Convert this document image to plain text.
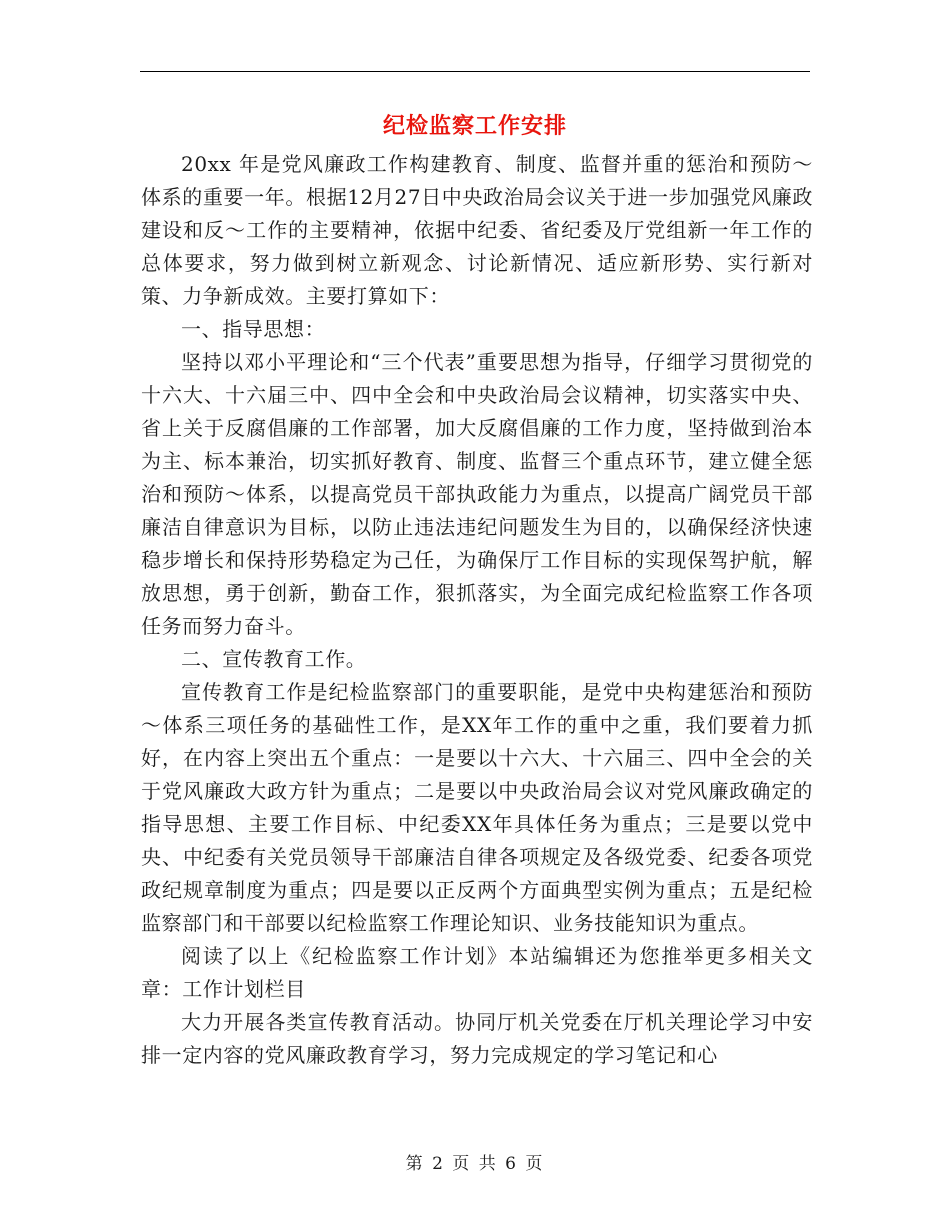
纪检监察工作安排

20xx 年是党风廉政工作构建教育、制度、监督并重的惩治和预防～体系的重要一年。根据12月27日中央政治局会议关于进一步加强党风廉政建设和反～工作的主要精神，依据中纪委、省纪委及厅党组新一年工作的总体要求，努力做到树立新观念、讨论新情况、适应新形势、实行新对策、力争新成效。主要打算如下：

一、指导思想：

坚持以邓小平理论和“三个代表”重要思想为指导，仔细学习贯彻党的十六大、十六届三中、四中全会和中央政治局会议精神，切实落实中央、省上关于反腐倡廉的工作部署，加大反腐倡廉的工作力度，坚持做到治本为主、标本兼治，切实抓好教育、制度、监督三个重点环节，建立健全惩治和预防～体系，以提高党员干部执政能力为重点，以提高广阔党员干部廉洁自律意识为目标，以防止违法违纪问题发生为目的，以确保经济快速稳步增长和保持形势稳定为己任，为确保厅工作目标的实现保驾护航，解放思想，勇于创新，勤奋工作，狠抓落实，为全面完成纪检监察工作各项任务而努力奋斗。

二、宣传教育工作。

宣传教育工作是纪检监察部门的重要职能，是党中央构建惩治和预防～体系三项任务的基础性工作，是XX年工作的重中之重，我们要着力抓好，在内容上突出五个重点：一是要以十六大、十六届三、四中全会的关于党风廉政大政方针为重点；二是要以中央政治局会议对党风廉政确定的指导思想、主要工作目标、中纪委XX年具体任务为重点；三是要以党中央、中纪委有关党员领导干部廉洁自律各项规定及各级党委、纪委各项党政纪规章制度为重点；四是要以正反两个方面典型实例为重点；五是纪检监察部门和干部要以纪检监察工作理论知识、业务技能知识为重点。

阅读了以上《纪检监察工作计划》本站编辑还为您推举更多相关文章：工作计划栏目

大力开展各类宣传教育活动。协同厅机关党委在厅机关理论学习中安排一定内容的党风廉政教育学习，努力完成规定的学习笔记和心

第 2 页 共 6 页
